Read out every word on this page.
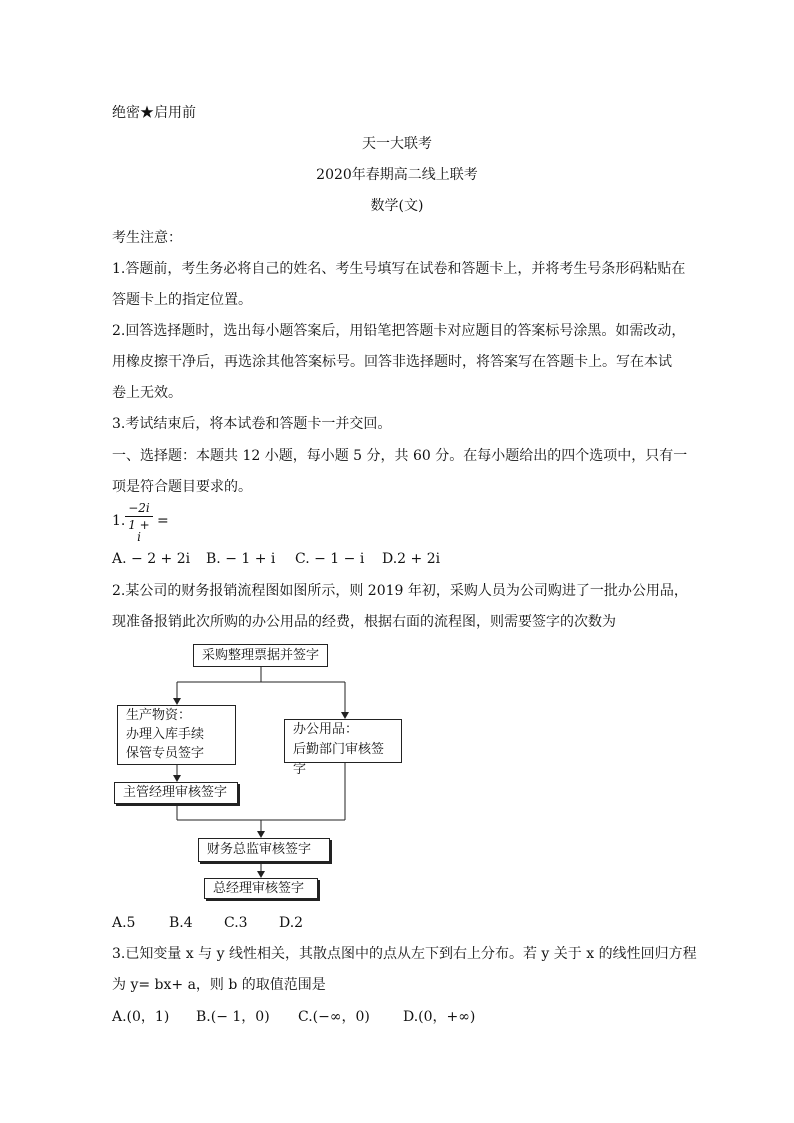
绝密★启用前
天一大联考
2020年春期高二线上联考
数学(文)
考生注意：
1.答题前，考生务必将自己的姓名、考生号填写在试卷和答题卡上，并将考生号条形码粘贴在
答题卡上的指定位置。
2.回答选择题时，选出每小题答案后，用铅笔把答题卡对应题目的答案标号涂黑。如需改动，
用橡皮擦干净后，再选涂其他答案标号。回答非选择题时，将答案写在答题卡上。写在本试
卷上无效。
3.考试结束后，将本试卷和答题卡一并交回。
一、选择题：本题共 12 小题，每小题 5 分，共 60 分。在每小题给出的四个选项中，只有一
项是符合题目要求的。
1.
−2i
1 + i
=
A. − 2 + 2i B. − 1 + i C. − 1 − i D.2 + 2i
2.某公司的财务报销流程图如图所示，则 2019 年初，采购人员为公司购进了一批办公用品，
现准备报销此次所购的办公用品的经费，根据右面的流程图，则需要签字的次数为
采购整理票据并签字
生产物资：
办理入库手续
保管专员签字
办公用品：
后勤部门审核签字
主管经理审核签字
财务总监审核签字
总经理审核签字
A.5 B.4 C.3 D.2
3.已知变量 x 与 y 线性相关，其散点图中的点从左下到右上分布。若 y 关于 x 的线性回归方程
为 y= bx+ a，则 b 的取值范围是
A.(0，1) B.(− 1，0) C.(−∞，0) D.(0，+∞)
